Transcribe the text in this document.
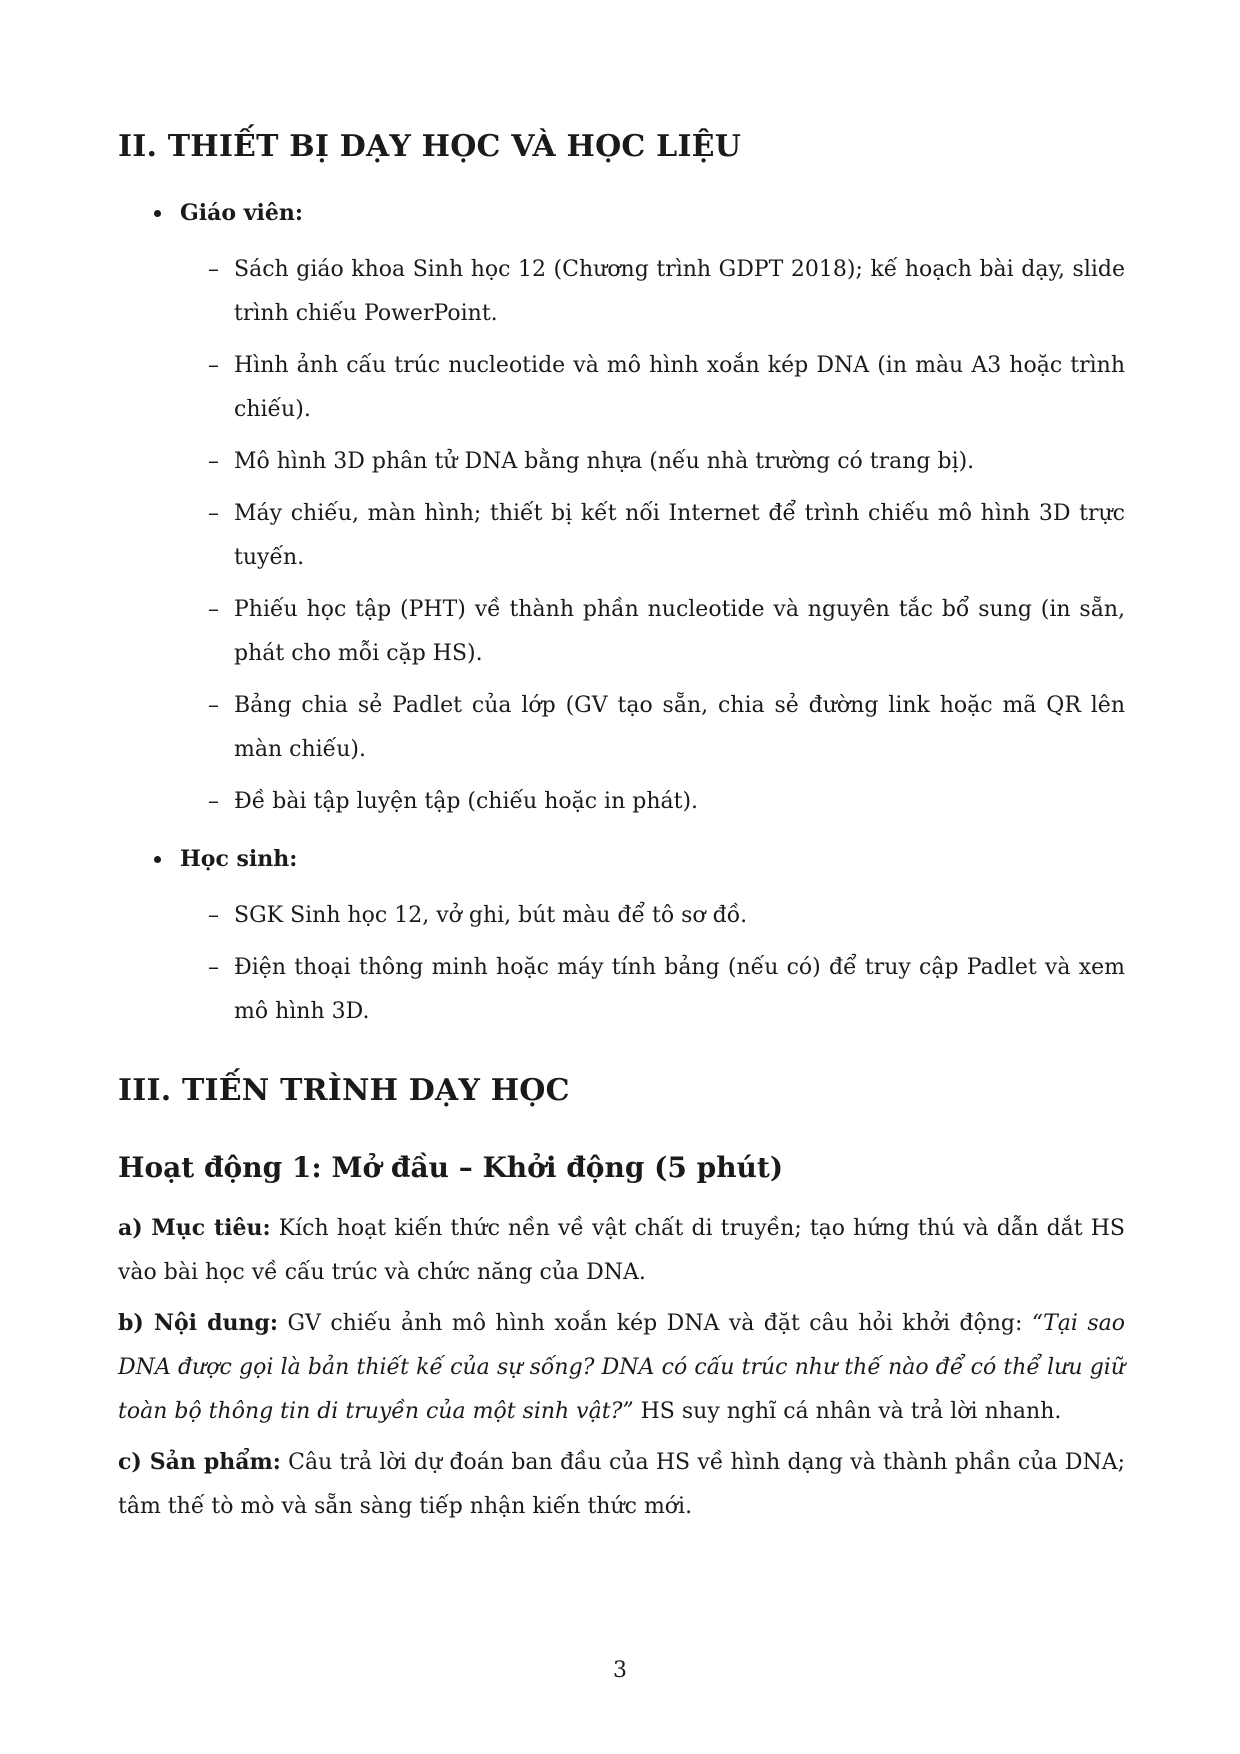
II. THIẾT BỊ DẠY HỌC VÀ HỌC LIỆU
Giáo viên:
– Sách giáo khoa Sinh học 12 (Chương trình GDPT 2018); kế hoạch bài dạy, slide trình chiếu PowerPoint.
– Hình ảnh cấu trúc nucleotide và mô hình xoắn kép DNA (in màu A3 hoặc trình chiếu).
– Mô hình 3D phân tử DNA bằng nhựa (nếu nhà trường có trang bị).
– Máy chiếu, màn hình; thiết bị kết nối Internet để trình chiếu mô hình 3D trực tuyến.
– Phiếu học tập (PHT) về thành phần nucleotide và nguyên tắc bổ sung (in sẵn, phát cho mỗi cặp HS).
– Bảng chia sẻ Padlet của lớp (GV tạo sẵn, chia sẻ đường link hoặc mã QR lên màn chiếu).
– Đề bài tập luyện tập (chiếu hoặc in phát).
Học sinh:
– SGK Sinh học 12, vở ghi, bút màu để tô sơ đồ.
– Điện thoại thông minh hoặc máy tính bảng (nếu có) để truy cập Padlet và xem mô hình 3D.
III. TIẾN TRÌNH DẠY HỌC
Hoạt động 1: Mở đầu – Khởi động (5 phút)

a) Mục tiêu: Kích hoạt kiến thức nền về vật chất di truyền; tạo hứng thú và dẫn dắt HS vào bài học về cấu trúc và chức năng của DNA.

b) Nội dung: GV chiếu ảnh mô hình xoắn kép DNA và đặt câu hỏi khởi động: “Tại sao DNA được gọi là bản thiết kế của sự sống? DNA có cấu trúc như thế nào để có thể lưu giữ toàn bộ thông tin di truyền của một sinh vật?” HS suy nghĩ cá nhân và trả lời nhanh.

c) Sản phẩm: Câu trả lời dự đoán ban đầu của HS về hình dạng và thành phần của DNA; tâm thế tò mò và sẵn sàng tiếp nhận kiến thức mới.

3
